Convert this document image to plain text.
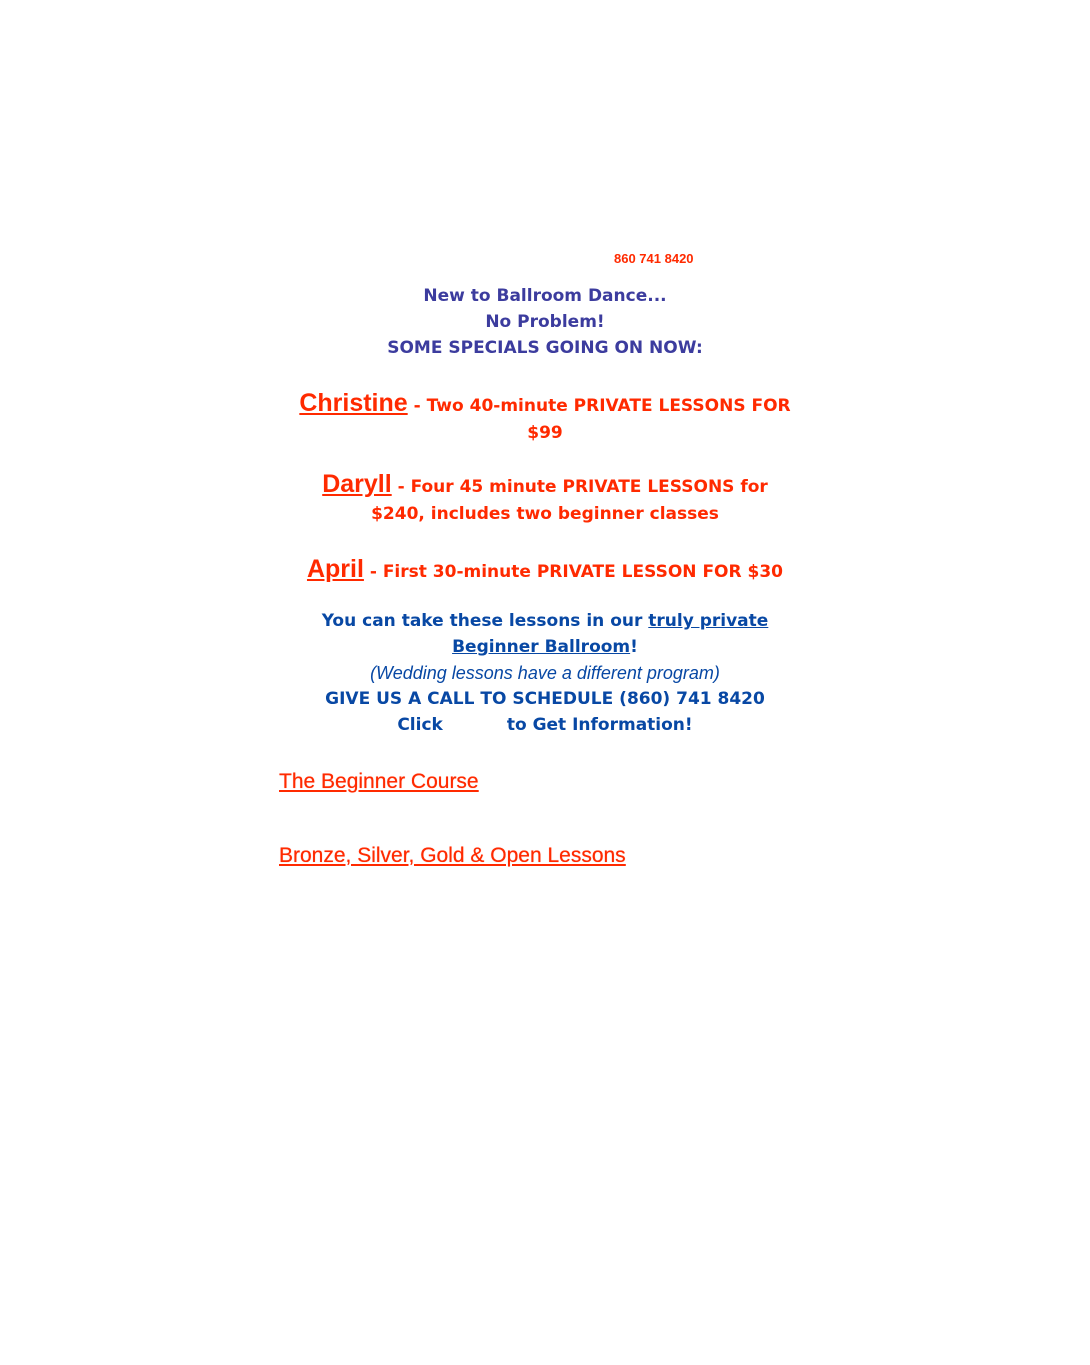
860 741 8420
New to Ballroom Dance...
No Problem!
SOME SPECIALS GOING ON NOW:
Christine - Two 40-minute PRIVATE LESSONS FOR
$99
Daryll - Four 45 minute PRIVATE LESSONS for
$240, includes two beginner classes
April - First 30-minute PRIVATE LESSON FOR $30
You can take these lessons in our truly private
Beginner Ballroom!
(Wedding lessons have a different program)
GIVE US A CALL TO SCHEDULE (860) 741 8420
Click	to Get Information!
The Beginner Course
Bronze, Silver, Gold & Open Lessons
